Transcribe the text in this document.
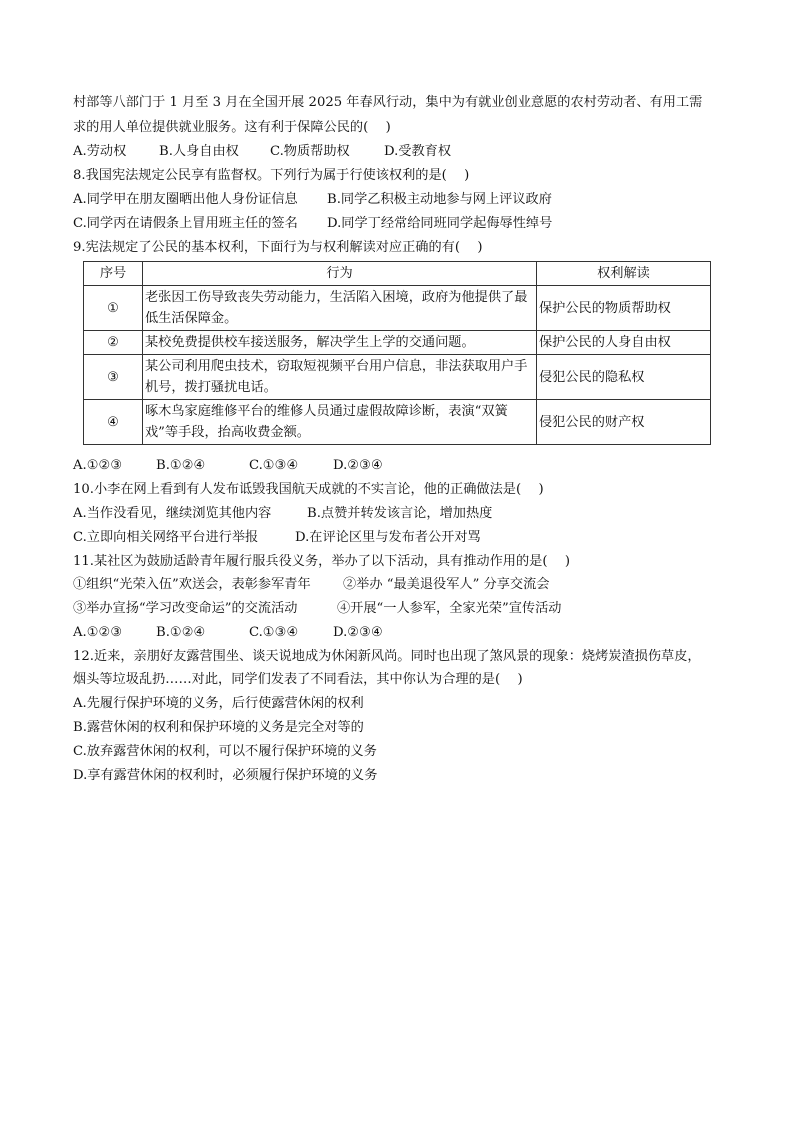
村部等八部门于 1 月至 3 月在全国开展 2025 年春风行动，集中为有就业创业意愿的农村劳动者、有用工需
求的用人单位提供就业服务。这有利于保障公民的(　 )
A.劳动权 B.人身自由权 C.物质帮助权	D.受教育权
8.我国宪法规定公民享有监督权。下列行为属于行使该权利的是(　 )
A.同学甲在朋友圈晒出他人身份证信息 B.同学乙积极主动地参与网上评议政府
C.同学丙在请假条上冒用班主任的签名 D.同学丁经常给同班同学起侮辱性绰号
9.宪法规定了公民的基本权利，下面行为与权利解读对应正确的有(　 )
序号	行为	权利解读
①	老张因工伤导致丧失劳动能力，生活陷入困境，政府为他提供了最低生活保障金。	保护公民的物质帮助权
②	某校免费提供校车接送服务，解决学生上学的交通问题。	保护公民的人身自由权
③	某公司利用爬虫技术，窃取短视频平台用户信息，非法获取用户手机号，拨打骚扰电话。	侵犯公民的隐私权
④	啄木鸟家庭维修平台的维修人员通过虚假故障诊断，表演“双簧戏”等手段，抬高收费金额。	侵犯公民的财产权
A.①②③	B.①②④	C.①③④	D.②③④
10.小李在网上看到有人发布诋毁我国航天成就的不实言论，他的正确做法是(　 )
A.当作没看见，继续浏览其他内容	B.点赞并转发该言论，增加热度
C.立即向相关网络平台进行举报	D.在评论区里与发布者公开对骂
11.某社区为鼓励适龄青年履行服兵役义务，举办了以下活动，具有推动作用的是(　 )
①组织“光荣入伍”欢送会，表彰参军青年 ②举办 “最美退役军人” 分享交流会
③举办宣扬“学习改变命运”的交流活动	④开展“一人参军，全家光荣”宣传活动
A.①②③	B.①②④	C.①③④	D.②③④
12.近来，亲朋好友露营围坐、谈天说地成为休闲新风尚。同时也出现了煞风景的现象：烧烤炭渣损伤草皮，
烟头等垃圾乱扔……对此，同学们发表了不同看法，其中你认为合理的是(　 )
A.先履行保护环境的义务，后行使露营休闲的权利
B.露营休闲的权利和保护环境的义务是完全对等的
C.放弃露营休闲的权利，可以不履行保护环境的义务
D.享有露营休闲的权利时，必须履行保护环境的义务
